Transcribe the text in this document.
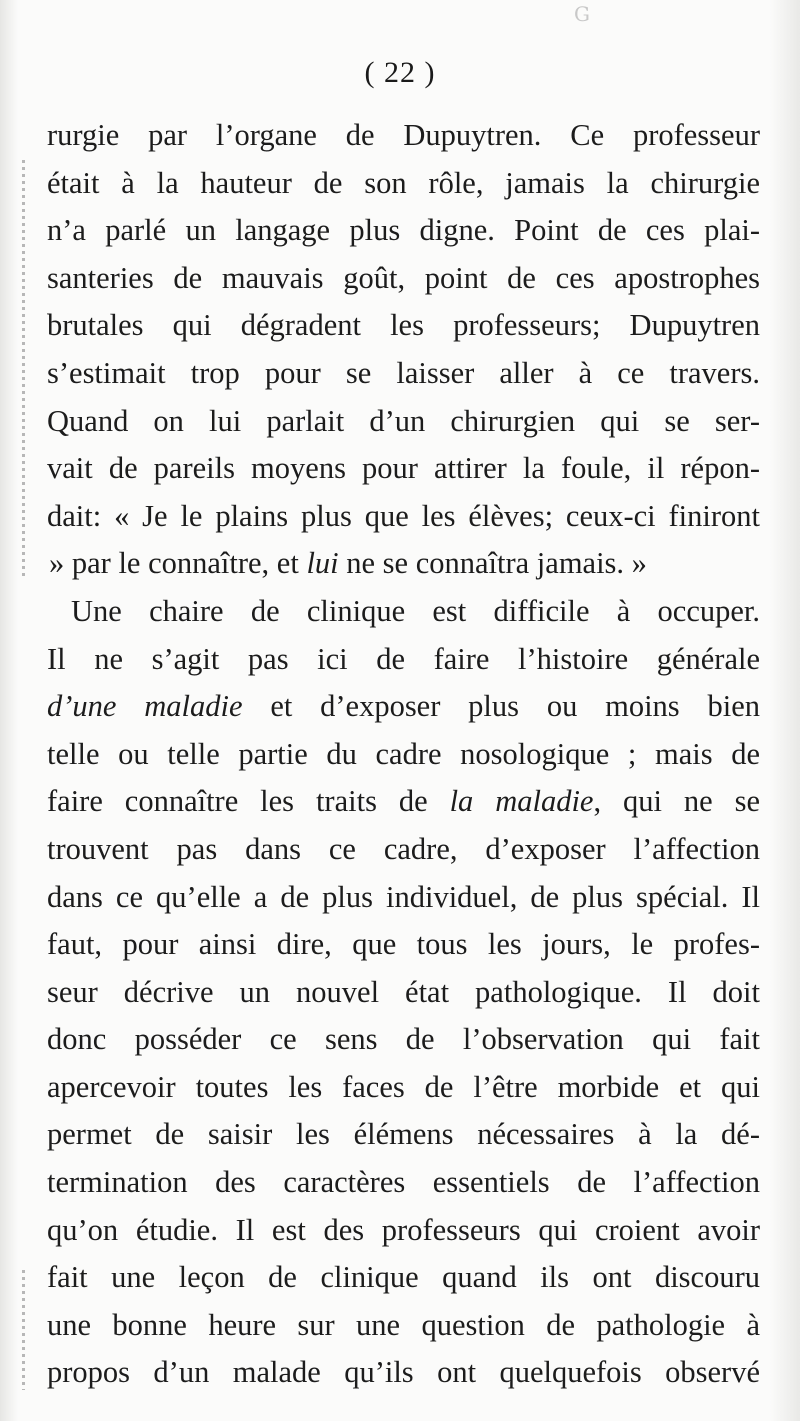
G
( 22 )
rurgie par l’organe de Dupuytren. Ce professeur
était à la hauteur de son rôle, jamais la chirurgie
n’a parlé un langage plus digne. Point de ces plai-
santeries de mauvais goût, point de ces apostrophes
brutales qui dégradent les professeurs; Dupuytren
s’estimait trop pour se laisser aller à ce travers.
Quand on lui parlait d’un chirurgien qui se ser-
vait de pareils moyens pour attirer la foule, il répon-
dait: « Je le plains plus que les élèves; ceux-ci finiront
» par le connaître, et lui ne se connaîtra jamais. »
Une chaire de clinique est difficile à occuper.
Il ne s’agit pas ici de faire l’histoire générale
d’une maladie et d’exposer plus ou moins bien
telle ou telle partie du cadre nosologique ; mais de
faire connaître les traits de la maladie, qui ne se
trouvent pas dans ce cadre, d’exposer l’affection
dans ce qu’elle a de plus individuel, de plus spécial. Il
faut, pour ainsi dire, que tous les jours, le profes-
seur décrive un nouvel état pathologique. Il doit
donc posséder ce sens de l’observation qui fait
apercevoir toutes les faces de l’être morbide et qui
permet de saisir les élémens nécessaires à la dé-
termination des caractères essentiels de l’affection
qu’on étudie. Il est des professeurs qui croient avoir
fait une leçon de clinique quand ils ont discouru
une bonne heure sur une question de pathologie à
propos d’un malade qu’ils ont quelquefois observé
